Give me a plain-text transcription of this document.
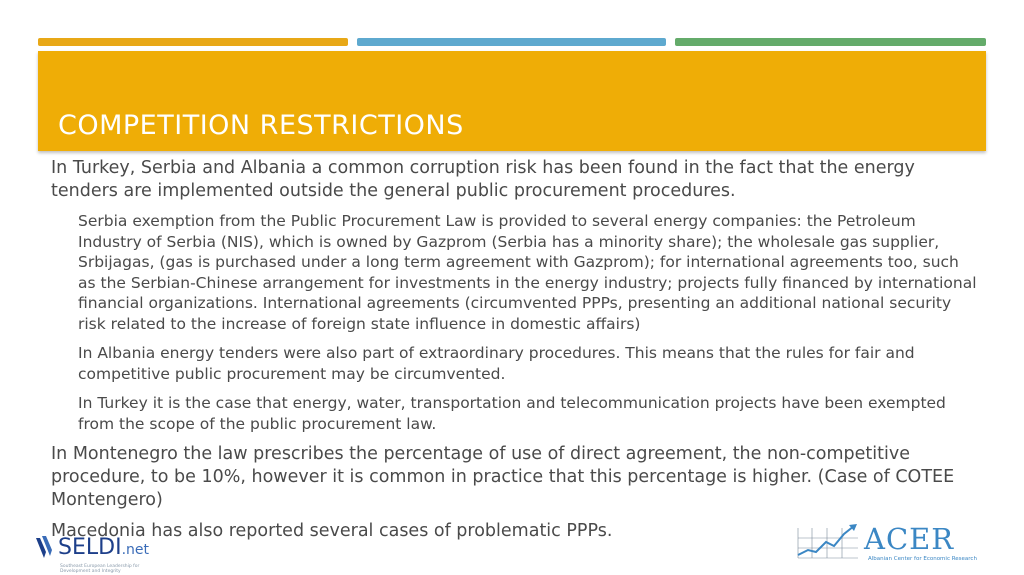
COMPETITION RESTRICTIONS

In Turkey, Serbia and Albania a common corruption risk has been found in the fact that the energy tenders are implemented outside the general public procurement procedures.

Serbia exemption from the Public Procurement Law is provided to several energy companies: the Petroleum Industry of Serbia (NIS), which is owned by Gazprom (Serbia has a minority share); the wholesale gas supplier, Srbijagas, (gas is purchased under a long term agreement with Gazprom); for international agreements too, such as the Serbian-Chinese arrangement for investments in the energy industry; projects fully financed by international financial organizations. International agreements (circumvented PPPs, presenting an additional national security risk related to the increase of foreign state influence in domestic affairs)

In Albania energy tenders were also part of extraordinary procedures. This means that the rules for fair and competitive public procurement may be circumvented.

In Turkey it is the case that energy, water, transportation and telecommunication projects have been exempted from the scope of the public procurement law.

In Montenegro the law prescribes the percentage of use of direct agreement, the non-competitive procedure, to be 10%, however it is common in practice that this percentage is higher. (Case of COTEE Montengero)

Macedonia has also reported several cases of problematic PPPs.

SELDI.net
Southeast European Leadership for Development and Integrity
ACER
Albanian Center for Economic Research
